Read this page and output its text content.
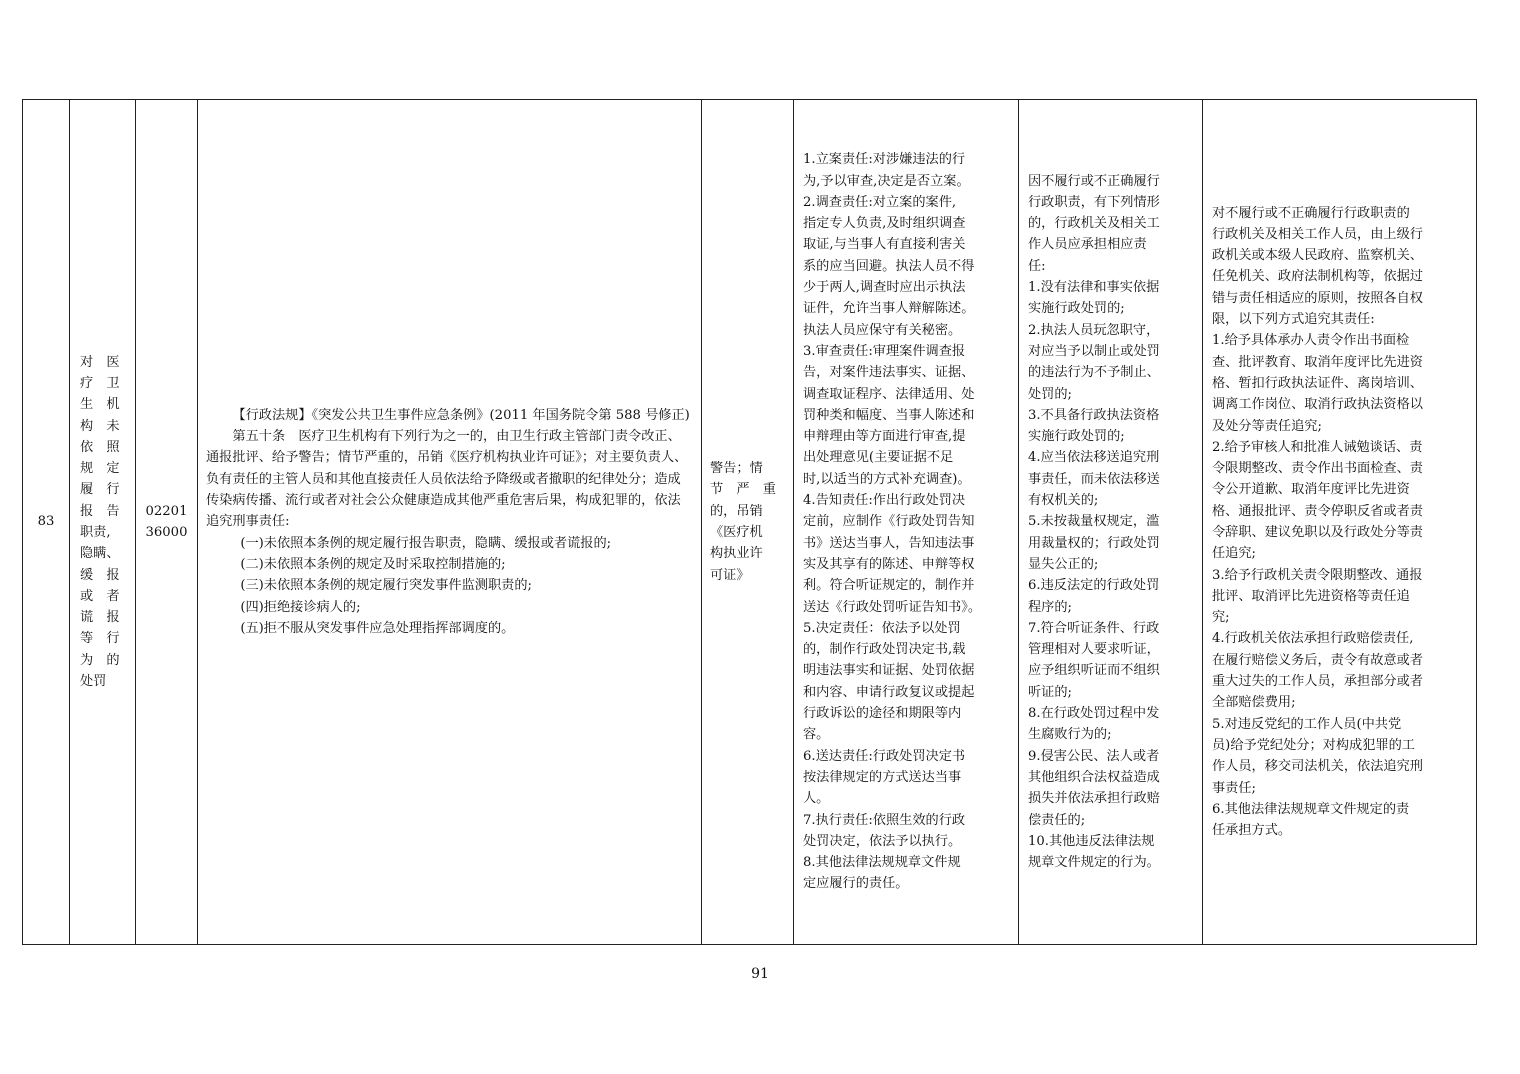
83	
对　医
疗　卫
生　机
构　未
依　照
规　定
履　行
报　告
职责,
隐瞒、
缓　报
或　者
谎　报
等　行
为　的
处罚

02201
36000

【行政法规】《突发公共卫生事件应急条例》(2011 年国务院令第 588 号修正)
第五十条　医疗卫生机构有下列行为之一的，由卫生行政主管部门责令改正、通报批评、给予警告；情节严重的，吊销《医疗机构执业许可证》；对主要负责人、负有责任的主管人员和其他直接责任人员依法给予降级或者撤职的纪律处分；造成传染病传播、流行或者对社会公众健康造成其他严重危害后果，构成犯罪的，依法追究刑事责任:
(一)未依照本条例的规定履行报告职责，隐瞒、缓报或者谎报的;
(二)未依照本条例的规定及时采取控制措施的;
(三)未依照本条例的规定履行突发事件监测职责的;
(四)拒绝接诊病人的;
(五)拒不服从突发事件应急处理指挥部调度的。

警告；情
节　严　重
的，吊销
《医疗机
构执业许
可证》

1.立案责任:对涉嫌违法的行
为,予以审查,决定是否立案。
2.调查责任:对立案的案件,
指定专人负责,及时组织调查
取证,与当事人有直接利害关
系的应当回避。执法人员不得
少于两人,调查时应出示执法
证件，允许当事人辩解陈述。
执法人员应保守有关秘密。
3.审查责任:审理案件调查报
告，对案件违法事实、证据、
调查取证程序、法律适用、处
罚种类和幅度、当事人陈述和
申辩理由等方面进行审查,提
出处理意见(主要证据不足
时,以适当的方式补充调查)。
4.告知责任:作出行政处罚决
定前，应制作《行政处罚告知
书》送达当事人，告知违法事
实及其享有的陈述、申辩等权
利。符合听证规定的，制作并
送达《行政处罚听证告知书》。
5.决定责任：依法予以处罚
的，制作行政处罚决定书,载
明违法事实和证据、处罚依据
和内容、申请行政复议或提起
行政诉讼的途径和期限等内
容。
6.送达责任:行政处罚决定书
按法律规定的方式送达当事
人。
7.执行责任:依照生效的行政
处罚决定，依法予以执行。
8.其他法律法规规章文件规
定应履行的责任。

因不履行或不正确履行
行政职责，有下列情形
的，行政机关及相关工
作人员应承担相应责
任:
1.没有法律和事实依据
实施行政处罚的;
2.执法人员玩忽职守，
对应当予以制止或处罚
的违法行为不予制止、
处罚的;
3.不具备行政执法资格
实施行政处罚的;
4.应当依法移送追究刑
事责任，而未依法移送
有权机关的;
5.未按裁量权规定，滥
用裁量权的；行政处罚
显失公正的;
6.违反法定的行政处罚
程序的;
7.符合听证条件、行政
管理相对人要求听证，
应予组织听证而不组织
听证的;
8.在行政处罚过程中发
生腐败行为的;
9.侵害公民、法人或者
其他组织合法权益造成
损失并依法承担行政赔
偿责任的;
10.其他违反法律法规
规章文件规定的行为。

对不履行或不正确履行行政职责的
行政机关及相关工作人员，由上级行
政机关或本级人民政府、监察机关、
任免机关、政府法制机构等，依据过
错与责任相适应的原则，按照各自权
限，以下列方式追究其责任:
1.给予具体承办人责令作出书面检
查、批评教育、取消年度评比先进资
格、暂扣行政执法证件、离岗培训、
调离工作岗位、取消行政执法资格以
及处分等责任追究;
2.给予审核人和批准人诫勉谈话、责
令限期整改、责令作出书面检查、责
令公开道歉、取消年度评比先进资
格、通报批评、责令停职反省或者责
令辞职、建议免职以及行政处分等责
任追究;
3.给予行政机关责令限期整改、通报
批评、取消评比先进资格等责任追
究;
4.行政机关依法承担行政赔偿责任,
在履行赔偿义务后，责令有故意或者
重大过失的工作人员，承担部分或者
全部赔偿费用;
5.对违反党纪的工作人员(中共党
员)给予党纪处分；对构成犯罪的工
作人员，移交司法机关，依法追究刑
事责任;
6.其他法律法规规章文件规定的责
任承担方式。
91
